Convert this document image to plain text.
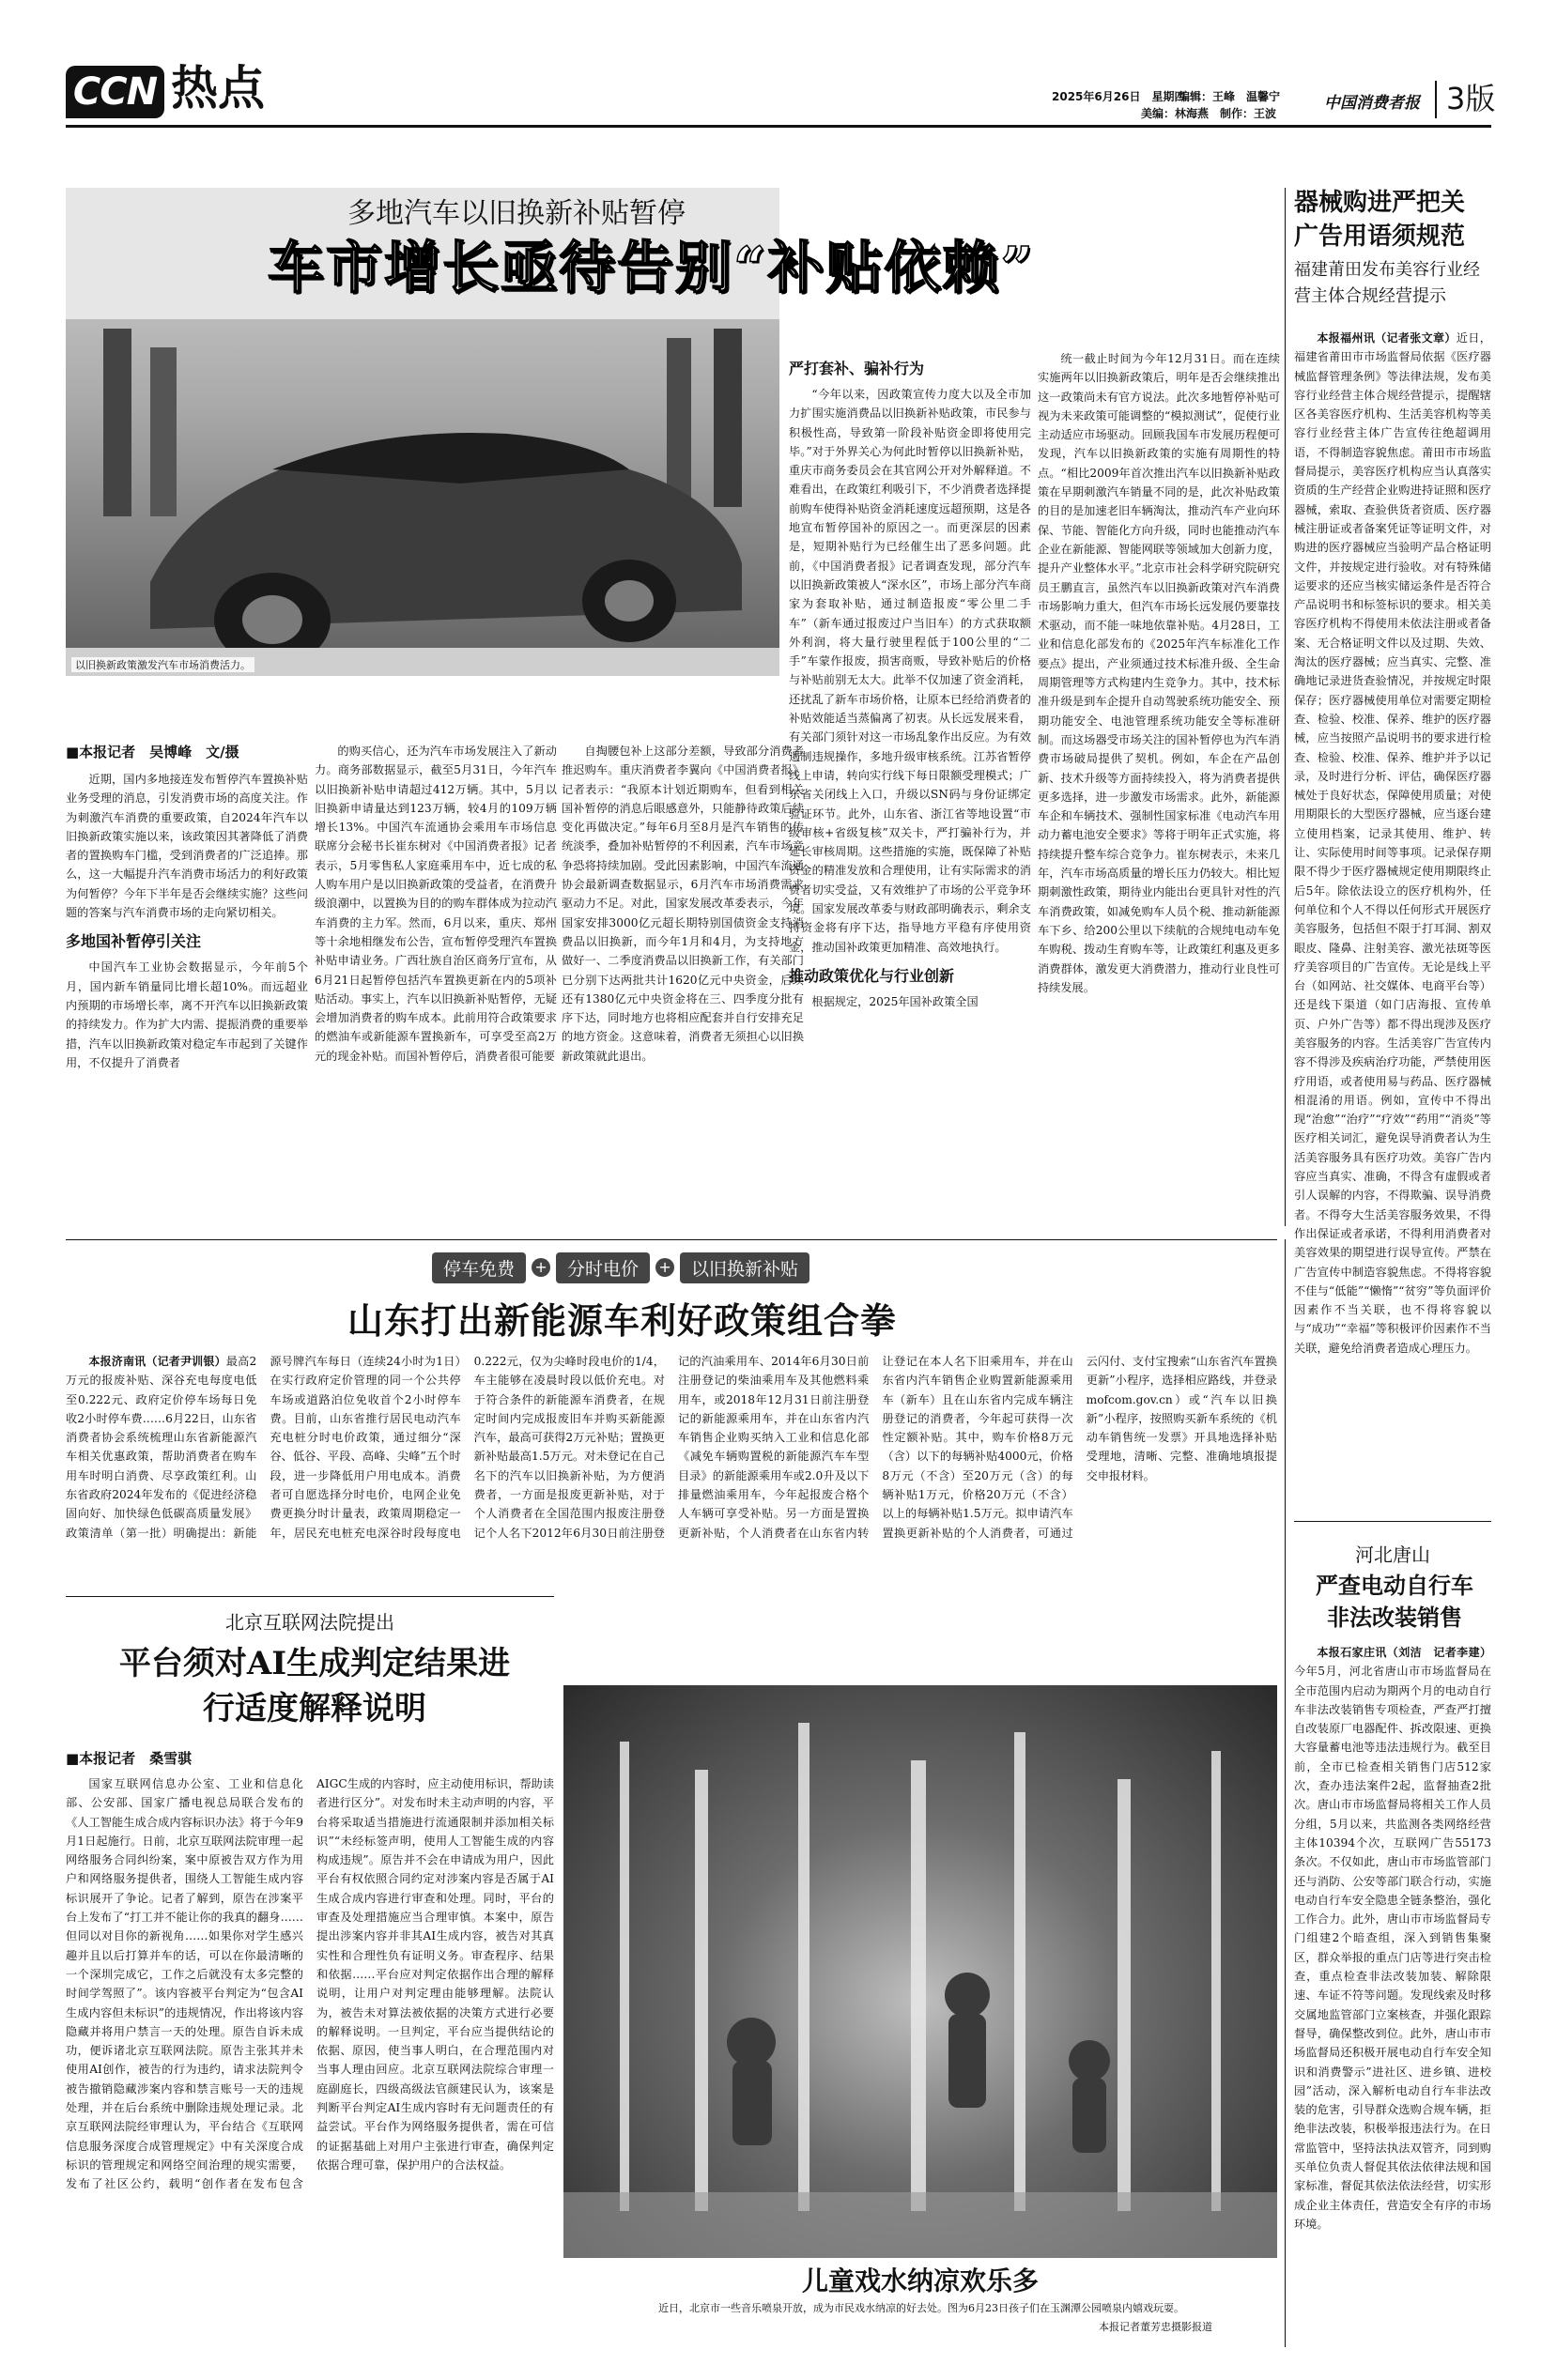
CCN 热点	2025年6月26日　星期四
编辑：王峰　温馨宁
美编：林海燕　制作：王波
中国消费者报 3版
以旧换新政策激发汽车市场消费活力。
多地汽车以旧换新补贴暂停
车市增长亟待告别“补贴依赖”
■本报记者　吴博峰　文/摄

近期，国内多地接连发布暂停汽车置换补贴业务受理的消息，引发消费市场的高度关注。作为刺激汽车消费的重要政策，自2024年汽车以旧换新政策实施以来，该政策因其著降低了消费者的置换购车门槛，受到消费者的广泛追捧。那么，这一大幅提升汽车消费市场活力的利好政策为何暂停？今年下半年是否会继续实施？这些问题的答案与汽车消费市场的走向紧切相关。

多地国补暂停引关注

中国汽车工业协会数据显示，今年前5个月，国内新车销量同比增长超10%。而远超业内预期的市场增长率，离不开汽车以旧换新政策的持续发力。作为扩大内需、提振消费的重要举措，汽车以旧换新政策对稳定车市起到了关键作用，不仅提升了消费者

的购买信心，还为汽车市场发展注入了新动力。商务部数据显示，截至5月31日，今年汽车以旧换新补贴申请超过412万辆。其中，5月以旧换新申请量达到123万辆，较4月的109万辆增长13%。中国汽车流通协会乘用车市场信息联席分会秘书长崔东树对《中国消费者报》记者表示，5月零售私人家庭乘用车中，近七成的私人购车用户是以旧换新政策的受益者，在消费升级浪潮中，以置换为目的的购车群体成为拉动汽车消费的主力军。然而，6月以来，重庆、郑州等十余地相继发布公告，宣布暂停受理汽车置换补贴申请业务。广西壮族自治区商务厅宣布，从6月21日起暂停包括汽车置换更新在内的5项补贴活动。事实上，汽车以旧换新补贴暂停，无疑会增加消费者的购车成本。此前用符合政策要求的燃油车或新能源车置换新车，可享受至高2万元的现金补贴。而国补暂停后，消费者很可能要

自掏腰包补上这部分差额，导致部分消费者推迟购车。重庆消费者李翼向《中国消费者报》记者表示：“我原本计划近期购车，但看到相关国补暂停的消息后眼感意外，只能静待政策后续变化再做决定。”每年6月至8月是汽车销售的传统淡季，叠加补贴暂停的不利因素，汽车市场竞争恐将持续加剧。受此因素影响，中国汽车流通协会最新调查数据显示，6月汽车市场消费需求驱动力不足。对此，国家发展改革委表示，今年国家安排3000亿元超长期特别国债资金支持消费品以旧换新，而今年1月和4月，为支持地方做好一、二季度消费品以旧换新工作，有关部门已分别下达两批共计1620亿元中央资金，后续还有1380亿元中央资金将在三、四季度分批有序下达，同时地方也将相应配套并自行安排充足的地方资金。这意味着，消费者无须担心以旧换新政策就此退出。

严打套补、骗补行为

“今年以来，因政策宣传力度大以及全市加力扩围实施消费品以旧换新补贴政策，市民参与积极性高，导致第一阶段补贴资金即将使用完毕。”对于外界关心为何此时暂停以旧换新补贴，重庆市商务委员会在其官网公开对外解释道。不难看出，在政策红利吸引下，不少消费者选择提前购车使得补贴资金消耗速度远超预期，这是各地宣布暂停国补的原因之一。而更深层的因素是，短期补贴行为已经催生出了恶多问题。此前，《中国消费者报》记者调查发现，部分汽车以旧换新政策被人“深水区”，市场上部分汽车商家为套取补贴，通过制造报废“零公里二手车”（新车通过报废过户当旧车）的方式获取额外利润，将大量行驶里程低于100公里的“二手”车蒙作报废，损害商贩，导致补贴后的价格与补贴前别无太大。此举不仅加速了资金消耗，还扰乱了新车市场价格，让原本已经给消费者的补贴效能适当蒸偏离了初衷。从长远发展来看，有关部门须针对这一市场乱象作出反应。为有效遏制违规操作，多地升级审核系统。江苏省暂停线上申请，转向实行线下每日限额受理模式；广东省关闭线上入口，升级以SN码与身份证绑定验证环节。此外，山东省、浙江省等地设置“市级审核+省级复核”双关卡，严打骗补行为，并延长审核周期。这些措施的实施，既保障了补贴资金的精准发放和合理使用，让有实际需求的消费者切实受益，又有效维护了市场的公平竞争环境。国家发展改革委与财政部明确表示，剩余支持资金将有序下达，指导地方平稳有序使用资金，推动国补政策更加精准、高效地执行。

推动政策优化与行业创新

根据规定，2025年国补政策全国

统一截止时间为今年12月31日。而在连续实施两年以旧换新政策后，明年是否会继续推出这一政策尚未有官方说法。此次多地暂停补贴可视为未来政策可能调整的“模拟测试”，促使行业主动适应市场驱动。回顾我国车市发展历程便可发现，汽车以旧换新政策的实施有周期性的特点。“相比2009年首次推出汽车以旧换新补贴政策在早期刺激汽车销量不同的是，此次补贴政策的目的是加速老旧车辆淘汰，推动汽车产业向环保、节能、智能化方向升级，同时也能推动汽车企业在新能源、智能网联等领域加大创新力度，提升产业整体水平。”北京市社会科学研究院研究员王鹏直言，虽然汽车以旧换新政策对汽车消费市场影响力重大，但汽车市场长远发展仍要靠技术驱动，而不能一味地依靠补贴。4月28日，工业和信息化部发布的《2025年汽车标准化工作要点》提出，产业须通过技术标准升级、全生命周期管理等方式构建内生竞争力。其中，技术标准升级是到车企提升自动驾驶系统功能安全、预期功能安全、电池管理系统功能安全等标准研制。而这场器受市场关注的国补暂停也为汽车消费市场破局提供了契机。例如，车企在产品创新、技术升级等方面持续投入，将为消费者提供更多选择，进一步激发市场需求。此外，新能源车企和车辆技术、强制性国家标准《电动汽车用动力蓄电池安全要求》等将于明年正式实施，将持续提升整车综合竞争力。崔东树表示，未来几年，汽车市场高质量的增长压力仍较大。相比短期刺激性政策，期待业内能出台更具针对性的汽车消费政策，如减免购车人员个税、推动新能源车下乡、给200公里以下续航的合规纯电动车免车购税、拨动生育购车等，让政策红利惠及更多消费群体，激发更大消费潜力，推动行业良性可持续发展。

器械购进严把关 广告用语须规范
福建莆田发布美容行业经营主体合规经营提示

本报福州讯（记者张文章）近日，福建省莆田市市场监督局依据《医疗器械监督管理条例》等法律法规，发布美容行业经营主体合规经营提示，提醒辖区各美容医疗机构、生活美容机构等美容行业经营主体广告宣传往绝超调用语，不得制造容貌焦虑。莆田市市场监督局提示，美容医疗机构应当认真落实资质的生产经营企业购进持证照和医疗器械，索取、查验供货者资质、医疗器械注册证或者备案凭证等证明文件，对购进的医疗器械应当验明产品合格证明文件，并按规定进行验收。对有特殊储运要求的还应当核实储运条件是否符合产品说明书和标签标识的要求。相关美容医疗机构不得使用未依法注册或者备案、无合格证明文件以及过期、失效、淘汰的医疗器械；应当真实、完整、准确地记录进货查验情况，并按规定时限保存；医疗器械使用单位对需要定期检查、检验、校准、保养、维护的医疗器械，应当按照产品说明书的要求进行检查、检验、校准、保养、维护并予以记录，及时进行分析、评估，确保医疗器械处于良好状态，保障使用质量；对使用期限长的大型医疗器械，应当逐台建立使用档案，记录其使用、维护、转让、实际使用时间等事项。记录保存期限不得少于医疗器械规定使用期限终止后5年。除依法设立的医疗机构外，任何单位和个人不得以任何形式开展医疗美容服务，包括但不限于打耳洞、割双眼皮、隆鼻、注射美容、激光祛斑等医疗美容项目的广告宣传。无论是线上平台（如网站、社交媒体、电商平台等）还是线下渠道（如门店海报、宣传单页、户外广告等）都不得出现涉及医疗美容服务的内容。生活美容广告宣传内容不得涉及疾病治疗功能，严禁使用医疗用语，或者使用易与药品、医疗器械相混淆的用语。例如，宣传中不得出现“治愈”“治疗”“疗效”“药用”“消炎”等医疗相关词汇，避免误导消费者认为生活美容服务具有医疗功效。美容广告内容应当真实、准确，不得含有虚假或者引人误解的内容，不得欺骗、误导消费者。不得夸大生活美容服务效果，不得作出保证或者承诺，不得利用消费者对美容效果的期望进行误导宣传。严禁在广告宣传中制造容貌焦虑。不得将容貌不佳与“低能”“懒惰”“贫穷”等负面评价因素作不当关联，也不得将容貌以与“成功”“幸福”等积极评价因素作不当关联，避免给消费者造成心理压力。

河北唐山
严查电动自行车非法改装销售

本报石家庄讯（刘洁　记者李建）今年5月，河北省唐山市市场监督局在全市范围内启动为期两个月的电动自行车非法改装销售专项检查，严查严打擅自改装原厂电器配件、拆改限速、更换大容量蓄电池等违法违规行为。截至目前，全市已检查相关销售门店512家次，查办违法案件2起，监督抽查2批次。唐山市市场监督局将相关工作人员分组，5月以来，共监测各类网络经营主体10394个次，互联网广告55173条次。不仅如此，唐山市市场监管部门还与消防、公安等部门联合行动，实施电动自行车安全隐患全链条整治，强化工作合力。此外，唐山市市场监督局专门组建2个暗查组，深入到销售集聚区，群众举报的重点门店等进行突击检查，重点检查非法改装加装、解除限速、车证不符等问题。发现线索及时移交属地监管部门立案核查，并强化跟踪督导，确保整改到位。此外，唐山市市场监督局还积极开展电动自行车安全知识和消费警示”进社区、进乡镇、进校园”活动，深入解析电动自行车非法改装的危害，引导群众选购合规车辆，拒绝非法改装，积极举报违法行为。在日常监管中，坚持法执法双管齐，同到购买单位负责人督促其依法依律法规和国家标准，督促其依法依法经营，切实形成企业主体责任，营造安全有序的市场环境。

停车免费	+	分时电价	+	以旧换新补贴
山东打出新能源车利好政策组合拳

本报济南讯（记者尹训银）最高2万元的报废补贴、深谷充电每度电低至0.222元、政府定价停车场每日免收2小时停车费……6月22日，山东省消费者协会系统梳理山东省新能源汽车相关优惠政策，帮助消费者在购车用车时明白消费、尽享政策红利。山东省政府2024年发布的《促进经济稳固向好、加快绿色低碳高质量发展》政策清单（第一批）明确提出：新能源号牌汽车每日（连续24小时为1日）在实行政府定价管理的同一个公共停车场或道路泊位免收首个2小时停车费。目前，山东省推行居民电动汽车充电桩分时电价政策，通过细分“深谷、低谷、平段、高峰、尖峰”五个时段，进一步降低用户用电成本。消费者可自愿选择分时电价，电网企业免费更换分时计量表，政策周期稳定一年，居民充电桩充电深谷时段每度电0.222元，仅为尖峰时段电价的1/4，车主能够在凌晨时段以低价充电。对于符合条件的新能源车消费者，在规定时间内完成报废旧车并购买新能源汽车，最高可获得2万元补贴；置换更新补贴最高1.5万元。对未登记在自己名下的汽车以旧换新补贴，为方便消费者，一方面是报废更新补贴，对于个人消费者在全国范围内报废注册登记个人名下2012年6月30日前注册登记的汽油乘用车、2014年6月30日前注册登记的柴油乘用车及其他燃料乘用车，或2018年12月31日前注册登记的新能源乘用车，并在山东省内汽车销售企业购买纳入工业和信息化部《减免车辆购置税的新能源汽车车型目录》的新能源乘用车或2.0升及以下排量燃油乘用车，今年起报废合格个人车辆可享受补贴。另一方面是置换更新补贴，个人消费者在山东省内转让登记在本人名下旧乘用车，并在山东省内汽车销售企业购置新能源乘用车（新车）且在山东省内完成车辆注册登记的消费者，今年起可获得一次性定额补贴。其中，购车价格8万元（含）以下的每辆补贴4000元，价格8万元（不含）至20万元（含）的每辆补贴1万元，价格20万元（不含）以上的每辆补贴1.5万元。拟申请汽车置换更新补贴的个人消费者，可通过云闪付、支付宝搜索“山东省汽车置换更新”小程序，选择相应路线，并登录mofcom.gov.cn）或“汽车以旧换新”小程序，按照购买新车系统的《机动车销售统一发票》开具地选择补贴受理地，清晰、完整、准确地填报提交申报材料。

北京互联网法院提出
平台须对AI生成判定结果进行适度解释说明
■本报记者　桑雪骐

国家互联网信息办公室、工业和信息化部、公安部、国家广播电视总局联合发布的《人工智能生成合成内容标识办法》将于今年9月1日起施行。日前，北京互联网法院审理一起网络服务合同纠纷案，案中原被告双方作为用户和网络服务提供者，围绕人工智能生成内容标识展开了争论。记者了解到，原告在涉案平台上发布了“打工并不能让你的我真的翻身……但同以对目你的新视角……如果你对学生感兴趣并且以后打算并车的话，可以在你最清晰的一个深圳完成它，工作之后就没有太多完整的时间学驾照了”。该内容被平台判定为“包含AI生成内容但未标识”的违规情况，作出将该内容隐藏并将用户禁言一天的处理。原告自诉未成功，便诉诸北京互联网法院。原告主张其并未使用AI创作，被告的行为违约，请求法院判令被告撤销隐藏涉案内容和禁言账号一天的违规处理，并在后台系统中删除违规处理记录。北京互联网法院经审理认为，平台结合《互联网信息服务深度合成管理规定》中有关深度合成标识的管理规定和网络空间治理的规实需要，发布了社区公约，载明“创作者在发布包含AIGC生成的内容时，应主动使用标识，帮助读者进行区分”。对发布时未主动声明的内容，平台将采取适当措施进行流通限制并添加相关标识”“未经标签声明，使用人工智能生成的内容构成违规”。原告并不会在申请成为用户，因此平台有权依照合同约定对涉案内容是否属于AI生成合成内容进行审查和处理。同时，平台的审查及处理措施应当合理审慎。本案中，原告提出涉案内容并非其AI生成内容，被告对其真实性和合理性负有证明义务。审查程序、结果和依据……平台应对判定依据作出合理的解释说明，让用户对判定理由能够理解。法院认为，被告未对算法被依据的决策方式进行必要的解释说明。一旦判定，平台应当提供结论的依据、原因，使当事人明白，在合理范围内对当事人理由回应。北京互联网法院综合审理一庭副庭长，四级高级法官颜建民认为，该案是判断平台判定AI生成内容时有无问题责任的有益尝试。平台作为网络服务提供者，需在可信的证据基础上对用户主张进行审查，确保判定依据合理可靠，保护用户的合法权益。

儿童戏水纳凉欢乐多
近日，北京市一些音乐喷泉开放，成为市民戏水纳凉的好去处。图为6月23日孩子们在玉渊潭公园喷泉内嬉戏玩耍。
本报记者董芳忠摄影报道
